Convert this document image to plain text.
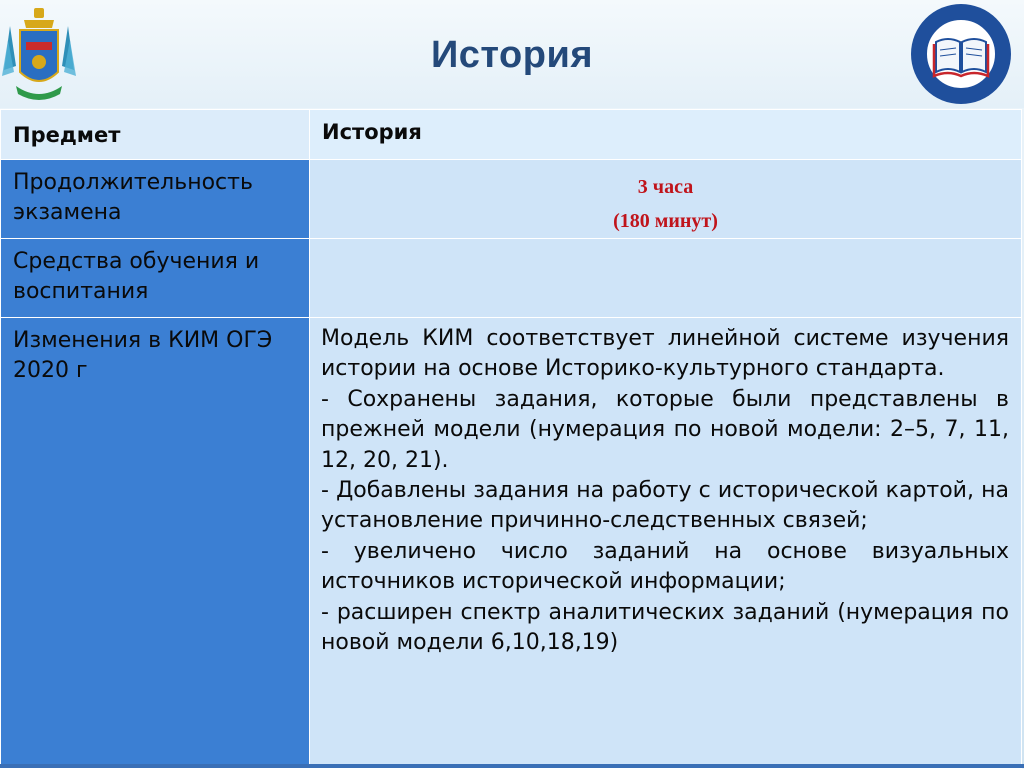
История
Предмет	История

Продолжительность экзамена	3 часа
(180 минут)

Средства обучения и воспитания	

Изменения в КИМ ОГЭ 2020 г	Модель КИМ соответствует линейной системе изучения истории на основе Историко-культурного стандарта.

- Сохранены задания, которые были представлены в прежней модели (нумерация по новой модели: 2–5, 7, 11, 12, 20, 21).

- Добавлены задания на работу с исторической картой, на установление причинно-следственных связей;

- увеличено число заданий на основе визуальных источников исторической информации;

- расширен спектр аналитических заданий (нумерация по новой модели 6,10,18,19)
